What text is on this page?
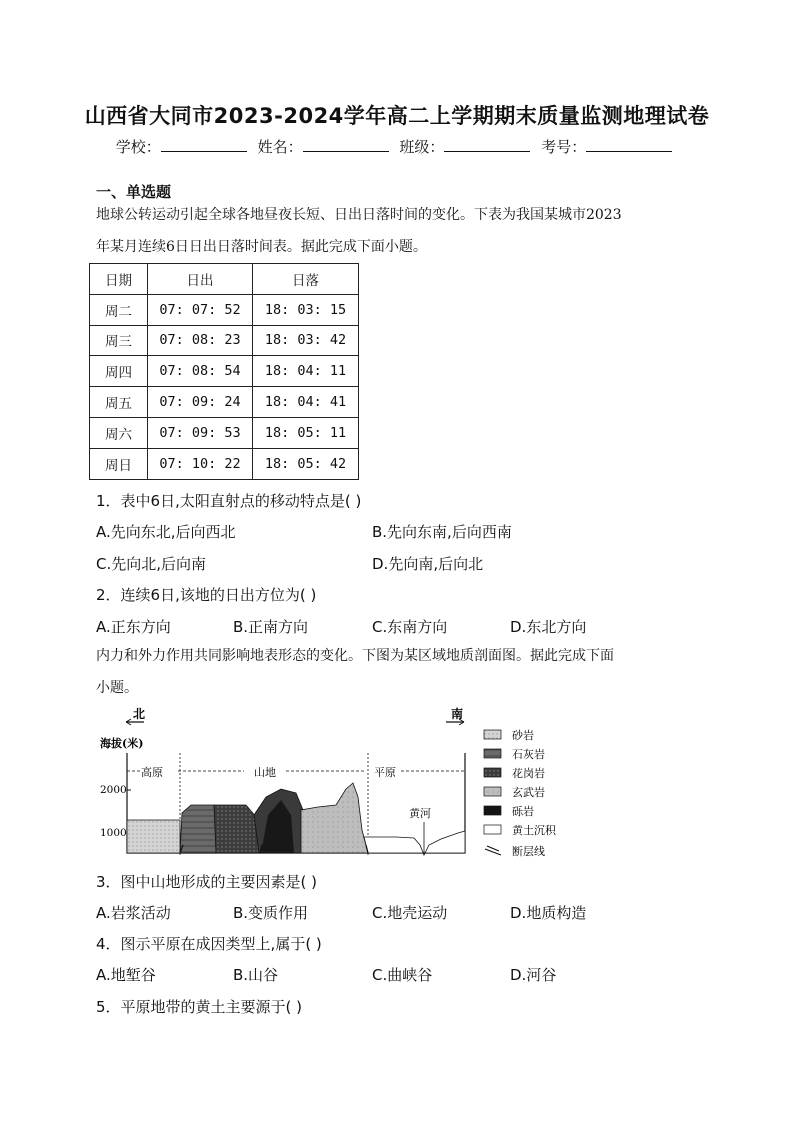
山西省大同市2023-2024学年高二上学期期末质量监测地理试卷
学校：	姓名：	班级：	考号：
一、单选题
地球公转运动引起全球各地昼夜长短、日出日落时间的变化。下表为我国某城市2023
年某月连续6日日出日落时间表。据此完成下面小题。
日期	日出	日落
周二	07: 07: 52	18: 03: 15
周三	07: 08: 23	18: 03: 42
周四	07: 08: 54	18: 04: 11
周五	07: 09: 24	18: 04: 41
周六	07: 09: 53	18: 05: 11
周日	07: 10: 22	18: 05: 42
1．表中6日,太阳直射点的移动特点是( )
A.先向东北,后向西北	B.先向东南,后向西南
C.先向北,后向南	D.先向南,后向北
2．连续6日,该地的日出方位为( )
A.正东方向	B.正南方向	C.东南方向	D.东北方向
内力和外力作用共同影响地表形态的变化。下图为某区域地质剖面图。据此完成下面
小题。
北	南
海拔(米)
2000
1000
高原	山地	平原
黄河
砂岩
石灰岩
花岗岩
玄武岩
砾岩
黄土沉积
断层线
3．图中山地形成的主要因素是( )
A.岩浆活动	B.变质作用	C.地壳运动	D.地质构造
4．图示平原在成因类型上,属于( )
A.地堑谷	B.山谷	C.曲峡谷	D.河谷
5．平原地带的黄土主要源于( )
